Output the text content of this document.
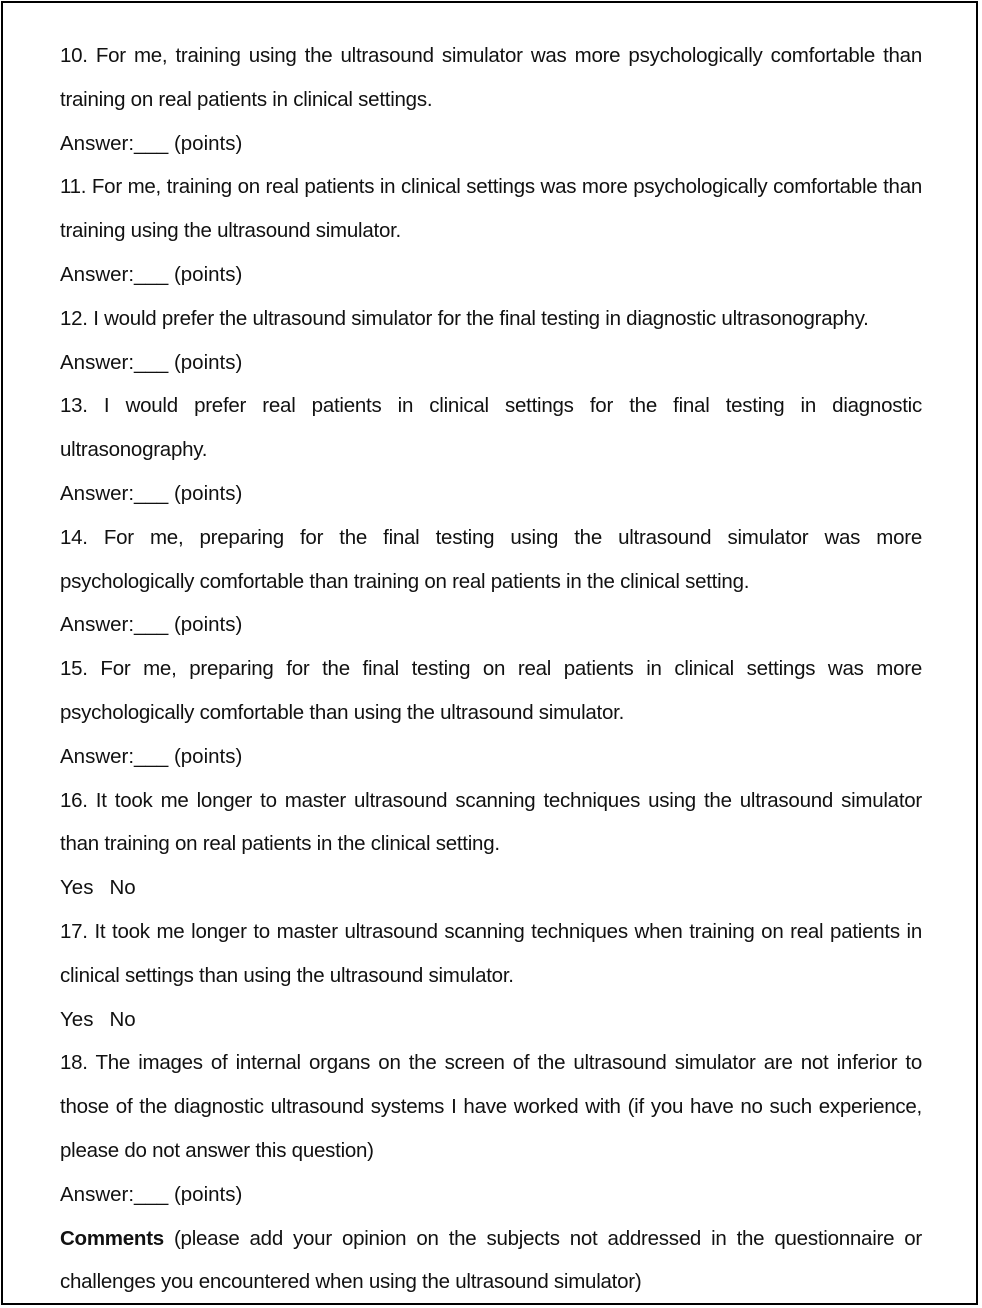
10. For me, training using the ultrasound simulator was more psychologically comfortable than training on real patients in clinical settings.

Answer:___ (points)

11. For me, training on real patients in clinical settings was more psychologically comfortable than training using the ultrasound simulator.

Answer:___ (points)

12. I would prefer the ultrasound simulator for the final testing in diagnostic ultrasonography.

Answer:___ (points)

13. I would prefer real patients in clinical settings for the final testing in diagnostic ultrasonography.

Answer:___ (points)

14. For me, preparing for the final testing using the ultrasound simulator was more psychologically comfortable than training on real patients in the clinical setting.

Answer:___ (points)

15. For me, preparing for the final testing on real patients in clinical settings was more psychologically comfortable than using the ultrasound simulator.

Answer:___ (points)

16. It took me longer to master ultrasound scanning techniques using the ultrasound simulator than training on real patients in the clinical setting.

Yes No

17. It took me longer to master ultrasound scanning techniques when training on real patients in clinical settings than using the ultrasound simulator.

Yes No

18. The images of internal organs on the screen of the ultrasound simulator are not inferior to those of the diagnostic ultrasound systems I have worked with (if you have no such experience, please do not answer this question)

Answer:___ (points)

Comments (please add your opinion on the subjects not addressed in the questionnaire or challenges you encountered when using the ultrasound simulator)
